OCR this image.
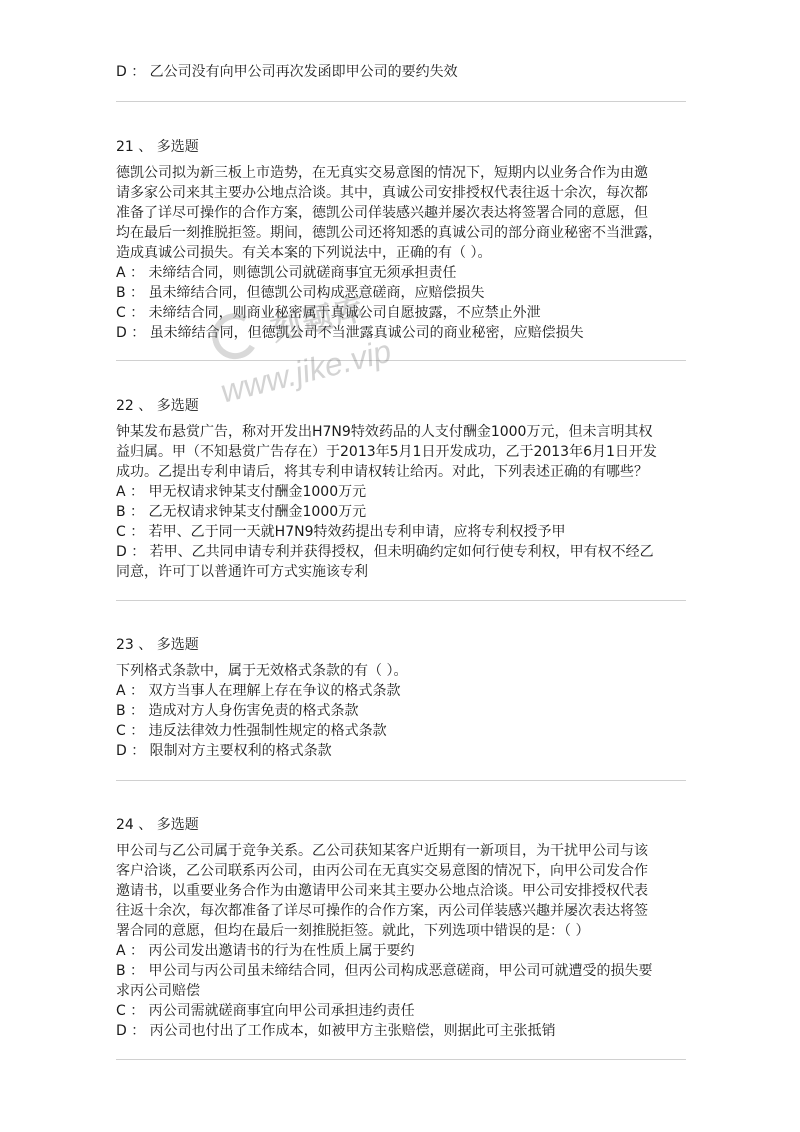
D ： 乙公司没有向甲公司再次发函即甲公司的要约失效

21 、 多选题

德凯公司拟为新三板上市造势，在无真实交易意图的情况下，短期内以业务合作为由邀

请多家公司来其主要办公地点洽谈。其中，真诚公司安排授权代表往返十余次，每次都

准备了详尽可操作的合作方案，德凯公司佯装感兴趣并屡次表达将签署合同的意愿，但

均在最后一刻推脱拒签。期间，德凯公司还将知悉的真诚公司的部分商业秘密不当泄露，

造成真诚公司损失。有关本案的下列说法中，正确的有（ ）。

A ： 未缔结合同，则德凯公司就磋商事宜无须承担责任

B ： 虽未缔结合同，但德凯公司构成恶意磋商，应赔偿损失

C ： 未缔结合同，则商业秘密属于真诚公司自愿披露，不应禁止外泄

D ： 虽未缔结合同，但德凯公司不当泄露真诚公司的商业秘密，应赔偿损失

22 、 多选题

钟某发布悬赏广告，称对开发出H7N9特效药品的人支付酬金1000万元，但未言明其权

益归属。甲（不知悬赏广告存在）于2013年5月1日开发成功，乙于2013年6月1日开发

成功。乙提出专利申请后，将其专利申请权转让给丙。对此，下列表述正确的有哪些？

A ： 甲无权请求钟某支付酬金1000万元

B ： 乙无权请求钟某支付酬金1000万元

C ： 若甲、乙于同一天就H7N9特效药提出专利申请，应将专利权授予甲

D ： 若甲、乙共同申请专利并获得授权，但未明确约定如何行使专利权，甲有权不经乙

同意，许可丁以普通许可方式实施该专利

23 、 多选题

下列格式条款中，属于无效格式条款的有（ ）。

A ： 双方当事人在理解上存在争议的格式条款

B ： 造成对方人身伤害免责的格式条款

C ： 违反法律效力性强制性规定的格式条款

D ： 限制对方主要权利的格式条款

24 、 多选题

甲公司与乙公司属于竞争关系。乙公司获知某客户近期有一新项目，为干扰甲公司与该

客户洽谈，乙公司联系丙公司，由丙公司在无真实交易意图的情况下，向甲公司发合作

邀请书，以重要业务合作为由邀请甲公司来其主要办公地点洽谈。甲公司安排授权代表

往返十余次，每次都准备了详尽可操作的合作方案，丙公司佯装感兴趣并屡次表达将签

署合同的意愿，但均在最后一刻推脱拒签。就此，下列选项中错误的是：（ ）

A ： 丙公司发出邀请书的行为在性质上属于要约

B ： 甲公司与丙公司虽未缔结合同，但丙公司构成恶意磋商，甲公司可就遭受的损失要

求丙公司赔偿

C ： 丙公司需就磋商事宜向甲公司承担违约责任

D ： 丙公司也付出了工作成本，如被甲方主张赔偿，则据此可主张抵销

刻题库
www.jike.vip
